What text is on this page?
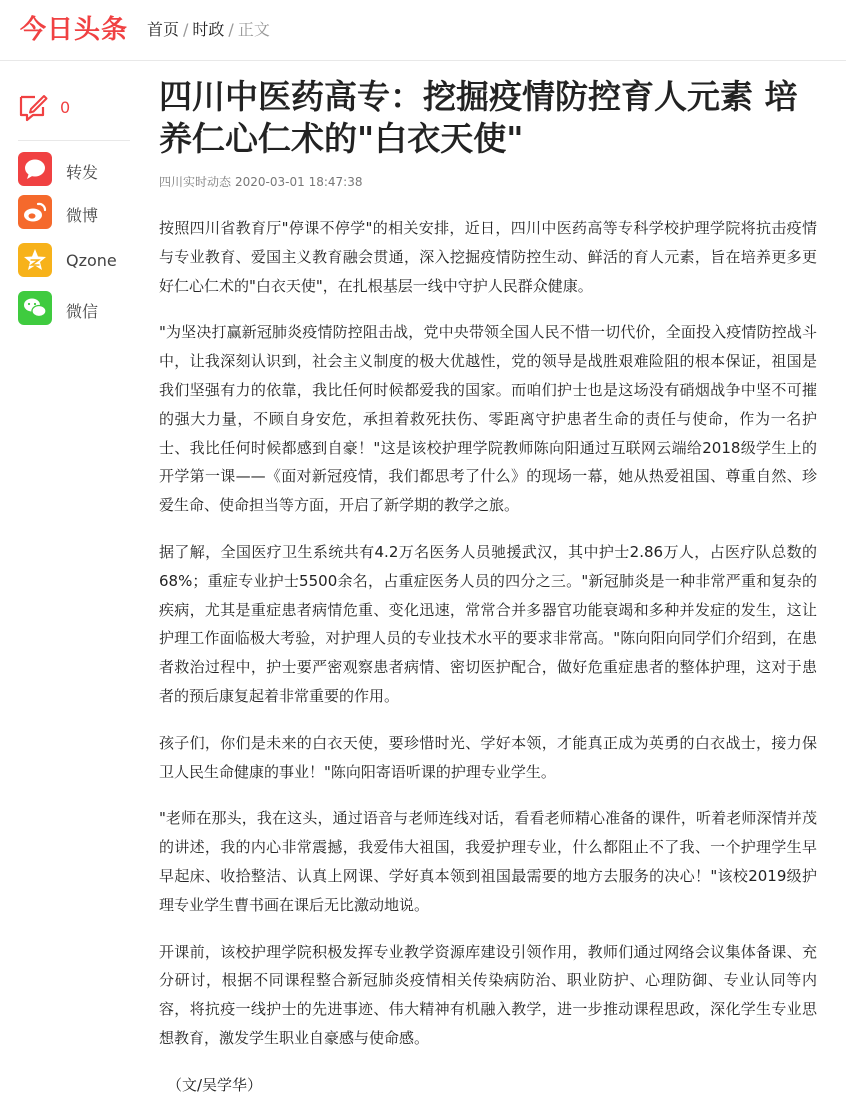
今日头条 首页 / 时政 / 正文
0
转发
微博
Qzone
微信
四川中医药高专：挖掘疫情防控育人元素 培养仁心仁术的"白衣天使"
四川实时动态 2020-03-01 18:47:38

按照四川省教育厅"停课不停学"的相关安排，近日，四川中医药高等专科学校护理学院将抗击疫情与专业教育、爱国主义教育融会贯通，深入挖掘疫情防控生动、鲜活的育人元素，旨在培养更多更好仁心仁术的"白衣天使"，在扎根基层一线中守护人民群众健康。

"为坚决打赢新冠肺炎疫情防控阻击战，党中央带领全国人民不惜一切代价，全面投入疫情防控战斗中，让我深刻认识到，社会主义制度的极大优越性，党的领导是战胜艰难险阻的根本保证，祖国是我们坚强有力的依靠，我比任何时候都爱我的国家。而咱们护士也是这场没有硝烟战争中坚不可摧的强大力量，不顾自身安危，承担着救死扶伤、零距离守护患者生命的责任与使命，作为一名护士、我比任何时候都感到自豪！"这是该校护理学院教师陈向阳通过互联网云端给2018级学生上的开学第一课——《面对新冠疫情，我们都思考了什么》的现场一幕，她从热爱祖国、尊重自然、珍爱生命、使命担当等方面，开启了新学期的教学之旅。

据了解，全国医疗卫生系统共有4.2万名医务人员驰援武汉，其中护士2.86万人，占医疗队总数的68%；重症专业护士5500余名，占重症医务人员的四分之三。"新冠肺炎是一种非常严重和复杂的疾病，尤其是重症患者病情危重、变化迅速，常常合并多器官功能衰竭和多种并发症的发生，这让护理工作面临极大考验，对护理人员的专业技术水平的要求非常高。"陈向阳向同学们介绍到，在患者救治过程中，护士要严密观察患者病情、密切医护配合，做好危重症患者的整体护理，这对于患者的预后康复起着非常重要的作用。

孩子们，你们是未来的白衣天使，要珍惜时光、学好本领，才能真正成为英勇的白衣战士，接力保卫人民生命健康的事业！"陈向阳寄语听课的护理专业学生。

"老师在那头，我在这头，通过语音与老师连线对话，看看老师精心准备的课件，听着老师深情并茂的讲述，我的内心非常震撼，我爱伟大祖国，我爱护理专业，什么都阻止不了我、一个护理学生早早起床、收拾整洁、认真上网课、学好真本领到祖国最需要的地方去服务的决心！"该校2019级护理专业学生曹书画在课后无比激动地说。

开课前，该校护理学院积极发挥专业教学资源库建设引领作用，教师们通过网络会议集体备课、充分研讨，根据不同课程整合新冠肺炎疫情相关传染病防治、职业防护、心理防御、专业认同等内容，将抗疫一线护士的先进事迹、伟大精神有机融入教学，进一步推动课程思政，深化学生专业思想教育，激发学生职业自豪感与使命感。

（文/吴学华）
